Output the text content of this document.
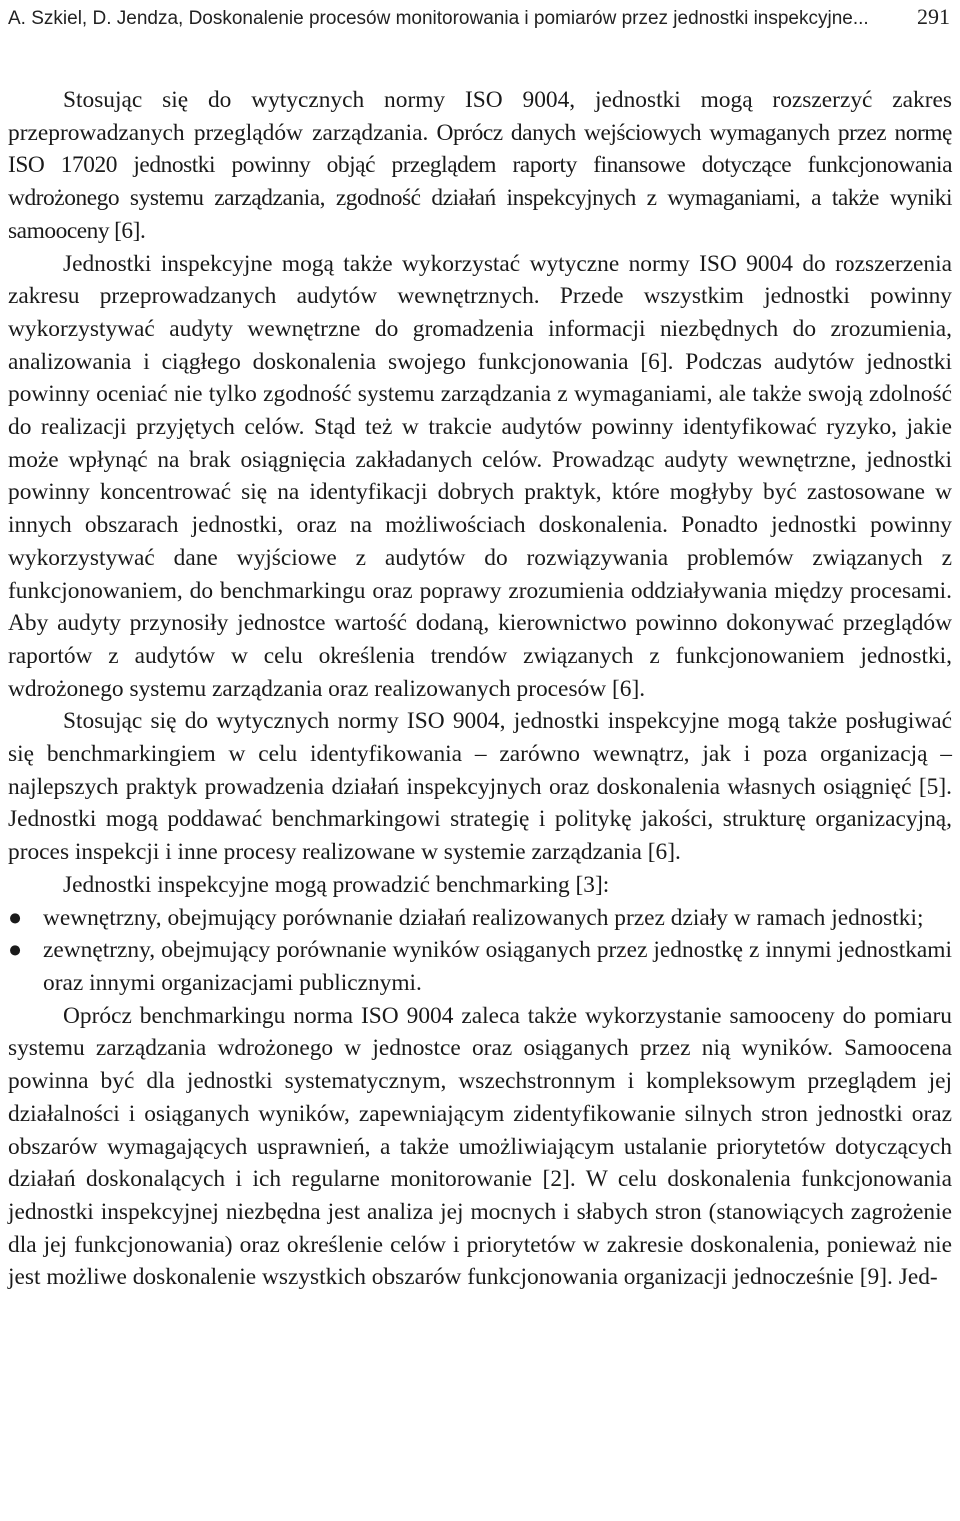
A. Szkiel, D. Jendza, Doskonalenie procesów monitorowania i pomiarów przez jednostki inspekcyjne... 291

Stosując się do wytycznych normy ISO 9004, jednostki mogą rozszerzyć zakres przeprowadzanych przeglądów zarządzania. Oprócz danych wejściowych wymaganych przez normę ISO 17020 jednostki powinny objąć przeglądem raporty finansowe dotyczące funkcjonowania wdrożonego systemu zarządzania, zgodność działań inspekcyjnych z wymaganiami, a także wyniki samooceny [6].

Jednostki inspekcyjne mogą także wykorzystać wytyczne normy ISO 9004 do rozszerzenia zakresu przeprowadzanych audytów wewnętrznych. Przede wszystkim jednostki powinny wykorzystywać audyty wewnętrzne do gromadzenia informacji niezbędnych do zrozumienia, analizowania i ciągłego doskonalenia swojego funkcjonowania [6]. Podczas audytów jednostki powinny oceniać nie tylko zgodność systemu zarządzania z wymaganiami, ale także swoją zdolność do realizacji przyjętych celów. Stąd też w trakcie audytów powinny identyfikować ryzyko, jakie może wpłynąć na brak osiągnięcia zakładanych celów. Prowadząc audyty wewnętrzne, jednostki powinny koncentrować się na identyfikacji dobrych praktyk, które mogłyby być zastosowane w innych obszarach jednostki, oraz na możliwościach doskonalenia. Ponadto jednostki powinny wykorzystywać dane wyjściowe z audytów do rozwiązywania problemów związanych z funkcjonowaniem, do benchmarkingu oraz poprawy zrozumienia oddziaływania między procesami. Aby audyty przynosiły jednostce wartość dodaną, kierownictwo powinno dokonywać przeglądów raportów z audytów w celu określenia trendów związanych z funkcjonowaniem jednostki, wdrożonego systemu zarządzania oraz realizowanych procesów [6].

Stosując się do wytycznych normy ISO 9004, jednostki inspekcyjne mogą także posługiwać się benchmarkingiem w celu identyfikowania – zarówno wewnątrz, jak i poza organizacją – najlepszych praktyk prowadzenia działań inspekcyjnych oraz doskonalenia własnych osiągnięć [5]. Jednostki mogą poddawać benchmarkingowi strategię i politykę jakości, strukturę organizacyjną, proces inspekcji i inne procesy realizowane w systemie zarządzania [6].

Jednostki inspekcyjne mogą prowadzić benchmarking [3]:

● wewnętrzny, obejmujący porównanie działań realizowanych przez działy w ramach jednostki;
● zewnętrzny, obejmujący porównanie wyników osiąganych przez jednostkę z innymi jednostkami oraz innymi organizacjami publicznymi.

Oprócz benchmarkingu norma ISO 9004 zaleca także wykorzystanie samooceny do pomiaru systemu zarządzania wdrożonego w jednostce oraz osiąganych przez nią wyników. Samoocena powinna być dla jednostki systematycznym, wszechstronnym i kompleksowym przeglądem jej działalności i osiąganych wyników, zapewniającym zidentyfikowanie silnych stron jednostki oraz obszarów wymagających usprawnień, a także umożliwiającym ustalanie priorytetów dotyczących działań doskonalących i ich regularne monitorowanie [2]. W celu doskonalenia funkcjonowania jednostki inspekcyjnej niezbędna jest analiza jej mocnych i słabych stron (stanowiących zagrożenie dla jej funkcjonowania) oraz określenie celów i priorytetów w zakresie doskonalenia, ponieważ nie jest możliwe doskonalenie wszystkich obszarów funkcjonowania organizacji jednocześnie [9]. Jed-
